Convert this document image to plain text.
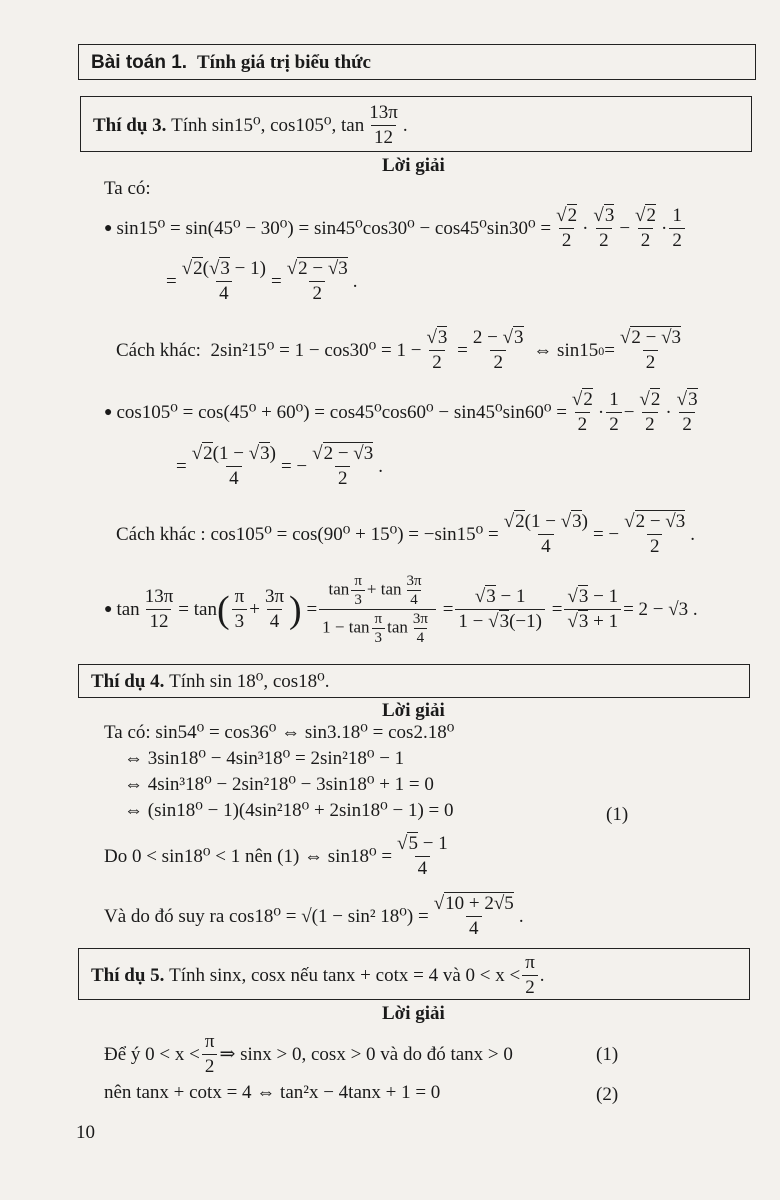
Bài toán 1. Tính giá trị biểu thức
Thí dụ 3.
Tính sin15⁰, cos105⁰, tan
13π
12
.
Lời giải
Ta có:
● sin15⁰ = sin(45⁰ − 30⁰) = sin45⁰cos30⁰ − cos45⁰sin30⁰ = √ $\frac{2}{2}$ ·
√ 3
2
−
√ 2
2
·
1
2
=
√ 2( √ 3 − 1)
4
=
√ 2 − √3
2
.
Cách khác:
2sin²15⁰ = 1 − cos30⁰ = 1 − √ $\frac{3}{2}$ =
2 − √ 3
2
⇔ sin15 0 =
√ 2 − √3
2
● cos105⁰ = cos(45⁰ + 60⁰) = cos45⁰cos60⁰ − sin45⁰sin60⁰ = √ $\frac{2}{2}$ ·
1
2
−
√ 2
2
·
√ 3
2
=
√ 2(1 − √ 3)
4
= −
√ 2 − √3
2
.
Cách khác :
cos105⁰ = cos(90⁰ + 15⁰) = −sin15⁰ = √ $\frac{2(1 - √ 3)}{4}$ = −
√ 2 − √3
2
.
● $\tan \frac{13\pi}{12} = \tan$ ( π
3
+
3π
4 ) =
$\tan \frac{\pi}{3} + \tan \frac{3\pi}{4}$
$1 - \tan \frac{\pi}{3}$ $\tan \frac{3\pi}{4}$
=
√ 3 − 1
1 − √ 3(−1)
= √ 3 − 1
√ 3 + 1 = 2 − √3 .
Thí dụ 4.
Tính sin 18⁰, cos18⁰.
Lời giải
Ta có: sin54⁰ = cos36⁰ ⇔ sin3.18⁰ = cos2.18⁰
⇔ 3sin18⁰ − 4sin³18⁰ = 2sin²18⁰ − 1
⇔ 4sin³18⁰ − 2sin²18⁰ − 3sin18⁰ + 1 = 0
⇔ (sin18⁰ − 1)(4sin²18⁰ + 2sin18⁰ − 1) = 0	(1)
Do 0 < sin18⁰ < 1 nên (1) ⇔ sin18⁰ = √ $\frac{5 - 1}{4}$
Và do đó suy ra cos18⁰ = √(1 − sin² 18⁰) = √ $\frac{10 + 2√5}{4}$ .
Thí dụ 5.
Tính sinx, cosx nếu tanx + cotx = 4 và 0 < x <
π
2
.
Lời giải
Để ý 0 < x <
π
2
⇒ sinx > 0, cosx > 0 và do đó tanx > 0	(1)
nên tanx + cotx = 4 ⇔ tan²x − 4tanx + 1 = 0	(2)
10
